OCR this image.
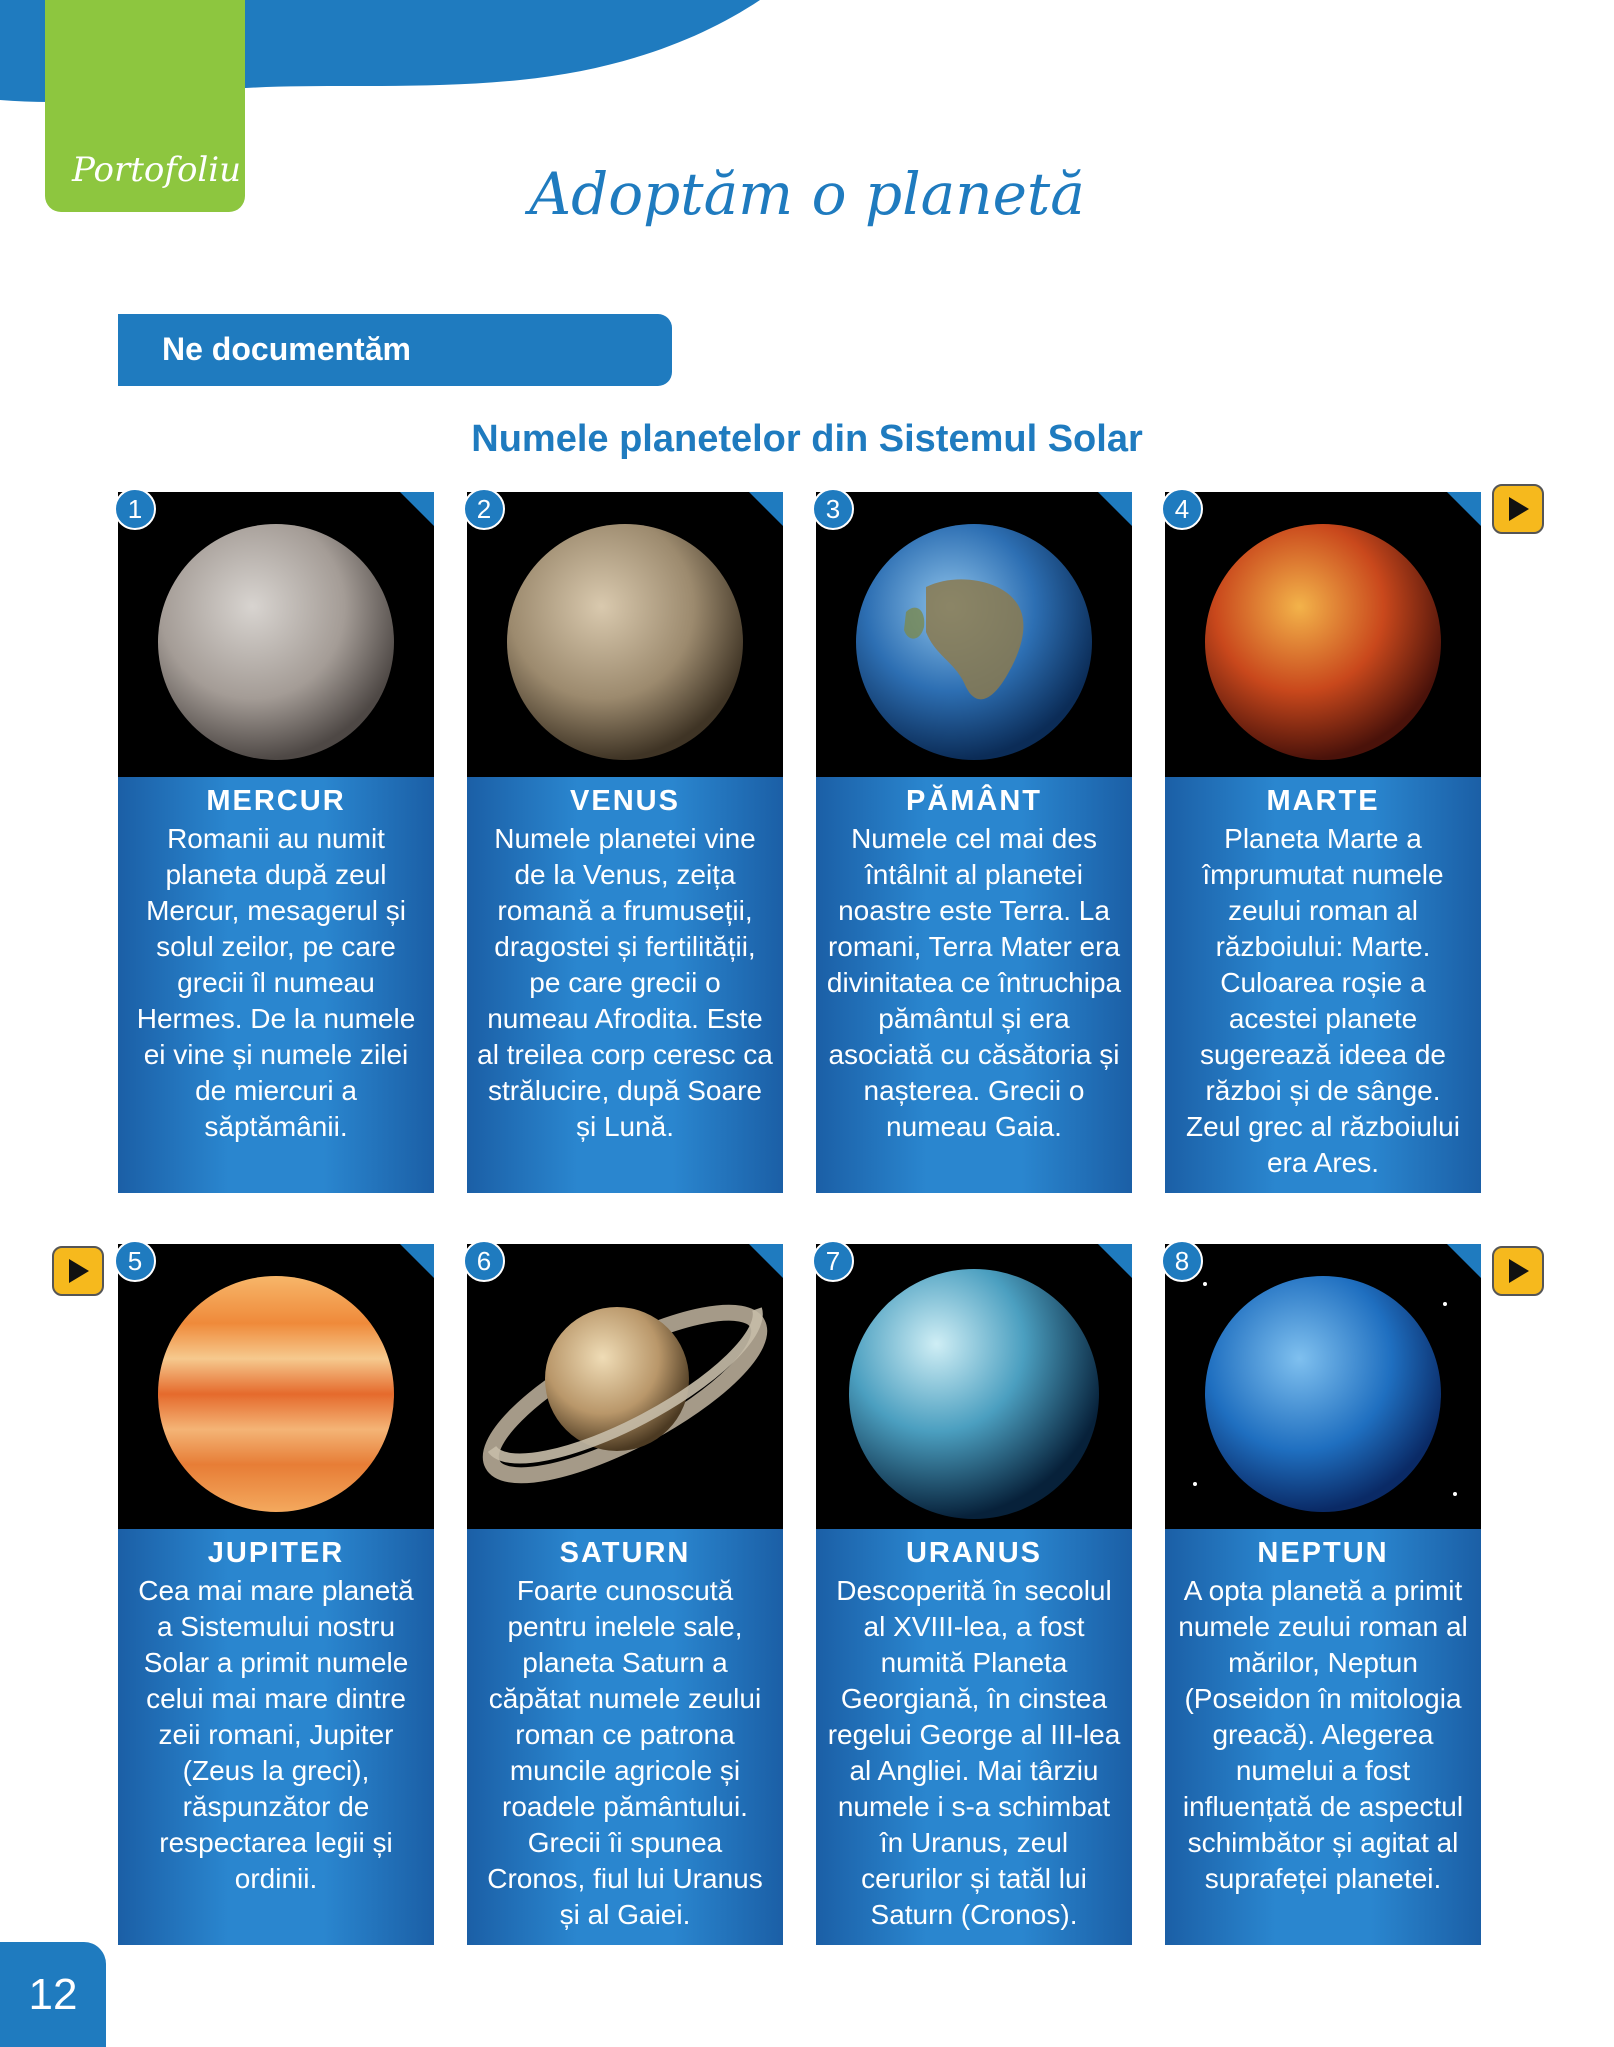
Portofoliu	Adoptăm o planetă
Ne documentăm
Numele planetelor din Sistemul Solar
MERCUR
Romanii au numit planeta după zeul Mercur, mesagerul și solul zeilor, pe care grecii îl numeau Hermes. De la numele ei vine și numele zilei de miercuri a săptămânii.
1
VENUS
Numele planetei vine de la Venus, zeița romană a frumuseții, dragostei și fertilității, pe care grecii o numeau Afrodita. Este al treilea corp ceresc ca strălucire, după Soare și Lună.
2
PĂMÂNT
Numele cel mai des întâlnit al planetei noastre este Terra. La romani, Terra Mater era divinitatea ce întruchipa pământul și era asociată cu căsătoria și nașterea. Grecii o numeau Gaia.
3
MARTE
Planeta Marte a împrumutat numele zeului roman al războiului: Marte. Culoarea roșie a acestei planete sugerează ideea de război și de sânge. Zeul grec al războiului era Ares.
4
JUPITER
Cea mai mare planetă a Sistemului nostru Solar a primit numele celui mai mare dintre zeii romani, Jupiter (Zeus la greci), răspunzător de respectarea legii și ordinii.
5
SATURN
Foarte cunoscută pentru inelele sale, planeta Saturn a căpătat numele zeului roman ce patrona muncile agricole și roadele pământului. Grecii îi spunea Cronos, fiul lui Uranus și al Gaiei.
6
URANUS
Descoperită în secolul al XVIII-lea, a fost numită Planeta Georgiană, în cinstea regelui George al III-lea al Angliei. Mai târziu numele i s-a schimbat în Uranus, zeul cerurilor și tatăl lui Saturn (Cronos).
7
NEPTUN
A opta planetă a primit numele zeului roman al mărilor, Neptun (Poseidon în mitologia greacă). Alegerea numelui a fost influențată de aspectul schimbător și agitat al suprafeței planetei.
8
12
